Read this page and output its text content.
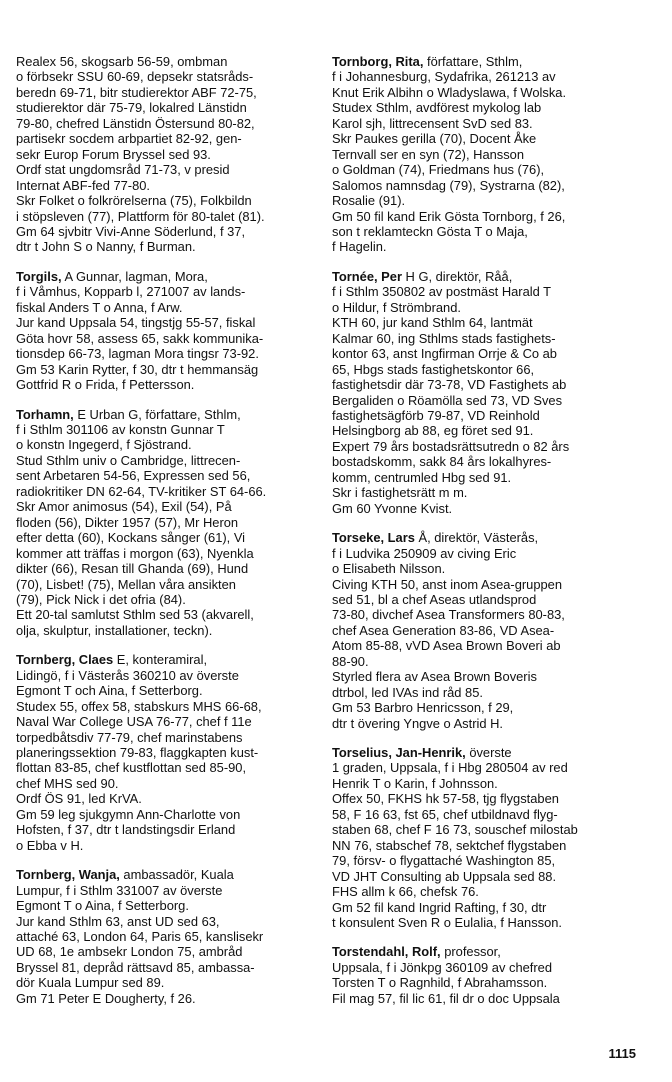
Realex 56, skogsarb 56-59, ombman
o förbsekr SSU 60-69, depsekr statsråds-
beredn 69-71, bitr studierektor ABF 72-75,
studierektor där 75-79, lokalred Länstidn
79-80, chefred Länstidn Östersund 80-82,
partisekr socdem arbpartiet 82-92, gen-
sekr Europ Forum Bryssel sed 93.
Ordf stat ungdomsråd 71-73, v presid
Internat ABF-fed 77-80.
Skr Folket o folkrörelserna (75), Folkbildn
i stöpsleven (77), Plattform för 80-talet (81).
Gm 64 sjvbitr Vivi-Anne Söderlund, f 37,
dtr t John S o Nanny, f Burman.
Torgils, A Gunnar, lagman, Mora,
f i Våmhus, Kopparb l, 271007 av lands-
fiskal Anders T o Anna, f Arw.
Jur kand Uppsala 54, tingstjg 55-57, fiskal
Göta hovr 58, assess 65, sakk kommunika-
tionsdep 66-73, lagman Mora tingsr 73-92.
Gm 53 Karin Rytter, f 30, dtr t hemmansäg
Gottfrid R o Frida, f Pettersson.
Torhamn, E Urban G, författare, Sthlm,
f i Sthlm 301106 av konstn Gunnar T
o konstn Ingegerd, f Sjöstrand.
Stud Sthlm univ o Cambridge, littrecen-
sent Arbetaren 54-56, Expressen sed 56,
radiokritiker DN 62-64, TV-kritiker ST 64-66.
Skr Amor animosus (54), Exil (54), På
floden (56), Dikter 1957 (57), Mr Heron
efter detta (60), Kockans sånger (61), Vi
kommer att träffas i morgon (63), Nyenkla
dikter (66), Resan till Ghanda (69), Hund
(70), Lisbet! (75), Mellan våra ansikten
(79), Pick Nick i det ofria (84).
Ett 20-tal samlutst Sthlm sed 53 (akvarell,
olja, skulptur, installationer, teckn).
Tornberg, Claes E, konteramiral,
Lidingö, f i Västerås 360210 av överste
Egmont T och Aina, f Setterborg.
Studex 55, offex 58, stabskurs MHS 66-68,
Naval War College USA 76-77, chef f 11e
torpedbåtsdiv 77-79, chef marinstabens
planeringssektion 79-83, flaggkapten kust-
flottan 83-85, chef kustflottan sed 85-90,
chef MHS sed 90.
Ordf ÖS 91, led KrVA.
Gm 59 leg sjukgymn Ann-Charlotte von
Hofsten, f 37, dtr t landstingsdir Erland
o Ebba v H.
Tornberg, Wanja, ambassadör, Kuala
Lumpur, f i Sthlm 331007 av överste
Egmont T o Aina, f Setterborg.
Jur kand Sthlm 63, anst UD sed 63,
attaché 63, London 64, Paris 65, kanslisekr
UD 68, 1e ambsekr London 75, ambråd
Bryssel 81, depråd rättsavd 85, ambassa-
dör Kuala Lumpur sed 89.
Gm 71 Peter E Dougherty, f 26.
Tornborg, Rita, författare, Sthlm,
f i Johannesburg, Sydafrika, 261213 av
Knut Erik Albihn o Wladyslawa, f Wolska.
Studex Sthlm, avdförest mykolog lab
Karol sjh, littrecensent SvD sed 83.
Skr Paukes gerilla (70), Docent Åke
Ternvall ser en syn (72), Hansson
o Goldman (74), Friedmans hus (76),
Salomos namnsdag (79), Systrarna (82),
Rosalie (91).
Gm 50 fil kand Erik Gösta Tornborg, f 26,
son t reklamteckn Gösta T o Maja,
f Hagelin.
Tornée, Per H G, direktör, Råå,
f i Sthlm 350802 av postmäst Harald T
o Hildur, f Strömbrand.
KTH 60, jur kand Sthlm 64, lantmät
Kalmar 60, ing Sthlms stads fastighets-
kontor 63, anst Ingfirman Orrje & Co ab
65, Hbgs stads fastighetskontor 66,
fastighetsdir där 73-78, VD Fastighets ab
Bergaliden o Röamölla sed 73, VD Sves
fastighetsägförb 79-87, VD Reinhold
Helsingborg ab 88, eg föret sed 91.
Expert 79 års bostadsrättsutredn o 82 års
bostadskomm, sakk 84 års lokalhyres-
komm, centrumled Hbg sed 91.
Skr i fastighetsrätt m m.
Gm 60 Yvonne Kvist.
Torseke, Lars Å, direktör, Västerås,
f i Ludvika 250909 av civing Eric
o Elisabeth Nilsson.
Civing KTH 50, anst inom Asea-gruppen
sed 51, bl a chef Aseas utlandsprod
73-80, divchef Asea Transformers 80-83,
chef Asea Generation 83-86, VD Asea-
Atom 85-88, vVD Asea Brown Boveri ab
88-90.
Styrled flera av Asea Brown Boveris
dtrbol, led IVAs ind råd 85.
Gm 53 Barbro Henricsson, f 29,
dtr t övering Yngve o Astrid H.
Torselius, Jan-Henrik, överste
1 graden, Uppsala, f i Hbg 280504 av red
Henrik T o Karin, f Johnsson.
Offex 50, FKHS hk 57-58, tjg flygstaben
58, F 16 63, fst 65, chef utbildnavd flyg-
staben 68, chef F 16 73, souschef milostab
NN 76, stabschef 78, sektchef flygstaben
79, försv- o flygattaché Washington 85,
VD JHT Consulting ab Uppsala sed 88.
FHS allm k 66, chefsk 76.
Gm 52 fil kand Ingrid Rafting, f 30, dtr
t konsulent Sven R o Eulalia, f Hansson.
Torstendahl, Rolf, professor,
Uppsala, f i Jönkpg 360109 av chefred
Torsten T o Ragnhild, f Abrahamsson.
Fil mag 57, fil lic 61, fil dr o doc Uppsala
1115
